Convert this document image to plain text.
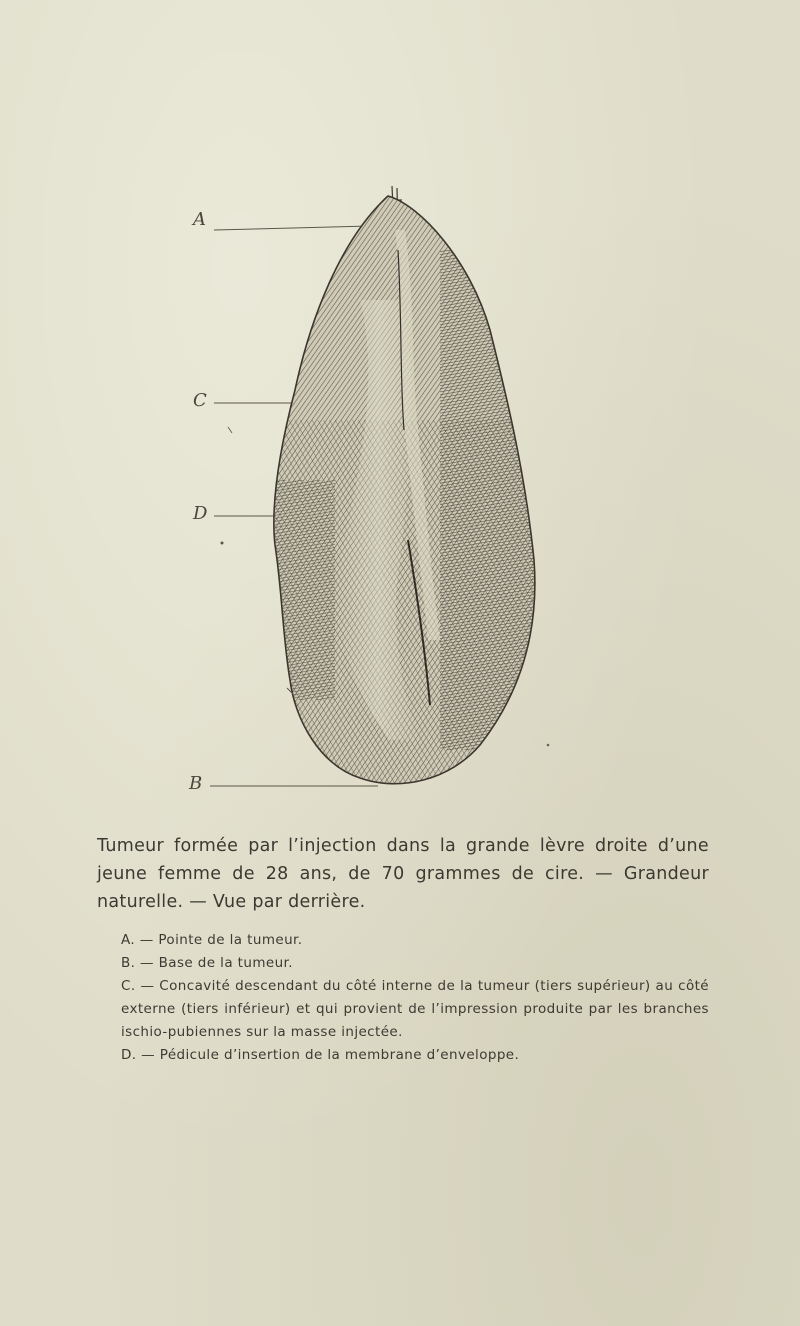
A
C
D
B
Tumeur formée par l’injection dans la grande lèvre droite d’une jeune femme de 28 ans, de 70 grammes de cire. — Grandeur naturelle. — Vue par derrière.

A. — Pointe de la tumeur.

B. — Base de la tumeur.

C. — Concavité descendant du côté interne de la tumeur (tiers supérieur) au côté externe (tiers inférieur) et qui provient de l’impression produite par les branches ischio-pubiennes sur la masse injectée.

D. — Pédicule d’insertion de la membrane d’enveloppe.
